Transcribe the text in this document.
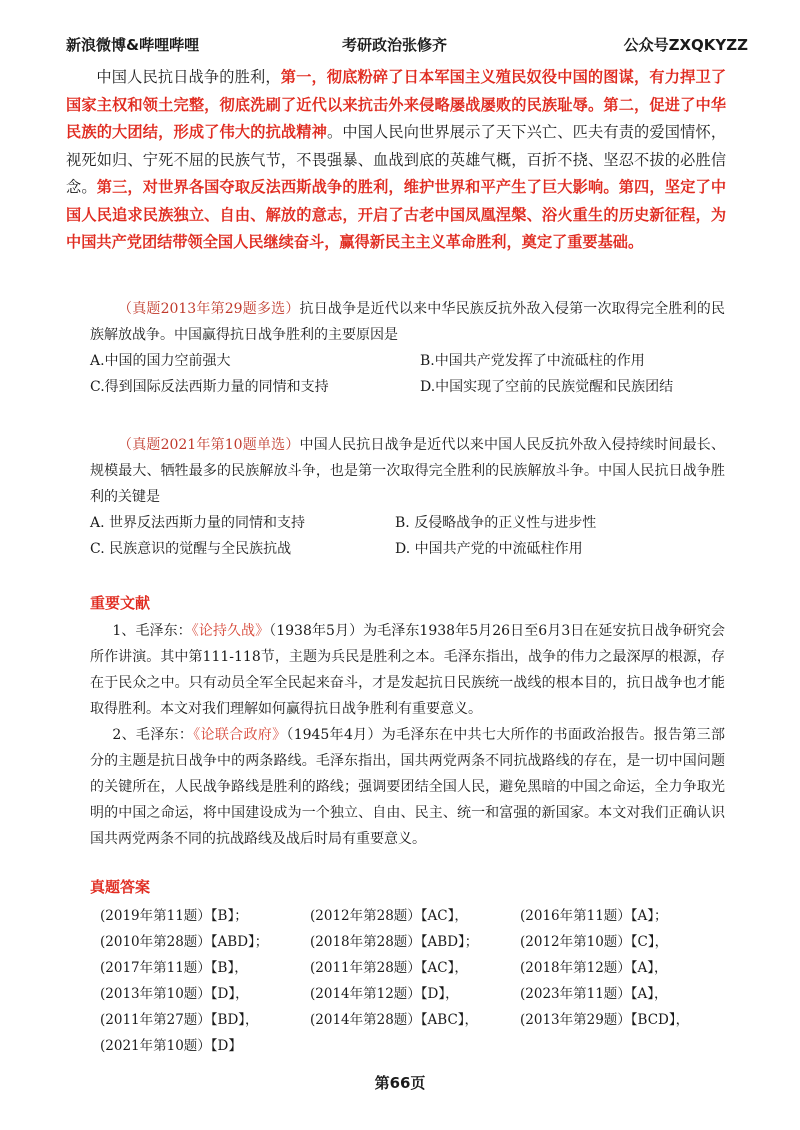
新浪微博&哔哩哔哩	考研政治张修齐	公众号ZXQKYZZ
中国人民抗日战争的胜利，第一，彻底粉碎了日本军国主义殖民奴役中国的图谋，有力捍卫了国家主权和领土完整，彻底洗刷了近代以来抗击外来侵略屡战屡败的民族耻辱。第二，促进了中华民族的大团结，形成了伟大的抗战精神。中国人民向世界展示了天下兴亡、匹夫有责的爱国情怀，视死如归、宁死不屈的民族气节，不畏强暴、血战到底的英雄气概，百折不挠、坚忍不拔的必胜信念。第三，对世界各国夺取反法西斯战争的胜利，维护世界和平产生了巨大影响。第四，坚定了中国人民追求民族独立、自由、解放的意志，开启了古老中国凤凰涅槃、浴火重生的历史新征程，为中国共产党团结带领全国人民继续奋斗，赢得新民主主义革命胜利，奠定了重要基础。
（真题2013年第29题多选）抗日战争是近代以来中华民族反抗外敌入侵第一次取得完全胜利的民族解放战争。中国赢得抗日战争胜利的主要原因是
A.中国的国力空前强大	B.中国共产党发挥了中流砥柱的作用
C.得到国际反法西斯力量的同情和支持	D.中国实现了空前的民族觉醒和民族团结
（真题2021年第10题单选）中国人民抗日战争是近代以来中国人民反抗外敌入侵持续时间最长、规模最大、牺牲最多的民族解放斗争，也是第一次取得完全胜利的民族解放斗争。中国人民抗日战争胜利的关键是
A. 世界反法西斯力量的同情和支持	B. 反侵略战争的正义性与进步性
C. 民族意识的觉醒与全民族抗战	D. 中国共产党的中流砥柱作用
重要文献
1、毛泽东：《论持久战》（1938年5月）为毛泽东1938年5月26日至6月3日在延安抗日战争研究会所作讲演。其中第111-118节，主题为兵民是胜利之本。毛泽东指出，战争的伟力之最深厚的根源，存在于民众之中。只有动员全军全民起来奋斗，才是发起抗日民族统一战线的根本目的，抗日战争也才能取得胜利。本文对我们理解如何赢得抗日战争胜利有重要意义。
2、毛泽东：《论联合政府》（1945年4月）为毛泽东在中共七大所作的书面政治报告。报告第三部分的主题是抗日战争中的两条路线。毛泽东指出，国共两党两条不同抗战路线的存在，是一切中国问题的关键所在，人民战争路线是胜利的路线；强调要团结全国人民，避免黑暗的中国之命运，全力争取光明的中国之命运，将中国建设成为一个独立、自由、民主、统一和富强的新国家。本文对我们正确认识国共两党两条不同的抗战路线及战后时局有重要意义。
真题答案
(2019年第11题）【B】；	(2012年第28题）【AC】，	(2016年第11题）【A】；
(2010年第28题）【ABD】；	(2018年第28题）【ABD】；	(2012年第10题）【C】，
(2017年第11题）【B】，	(2011年第28题）【AC】，	(2018年第12题）【A】，
(2013年第10题）【D】，	(2014年第12题）【D】，	(2023年第11题）【A】，
(2011年第27题）【BD】，	(2014年第28题）【ABC】，	(2013年第29题）【BCD】，
(2021年第10题）【D】
第66页
